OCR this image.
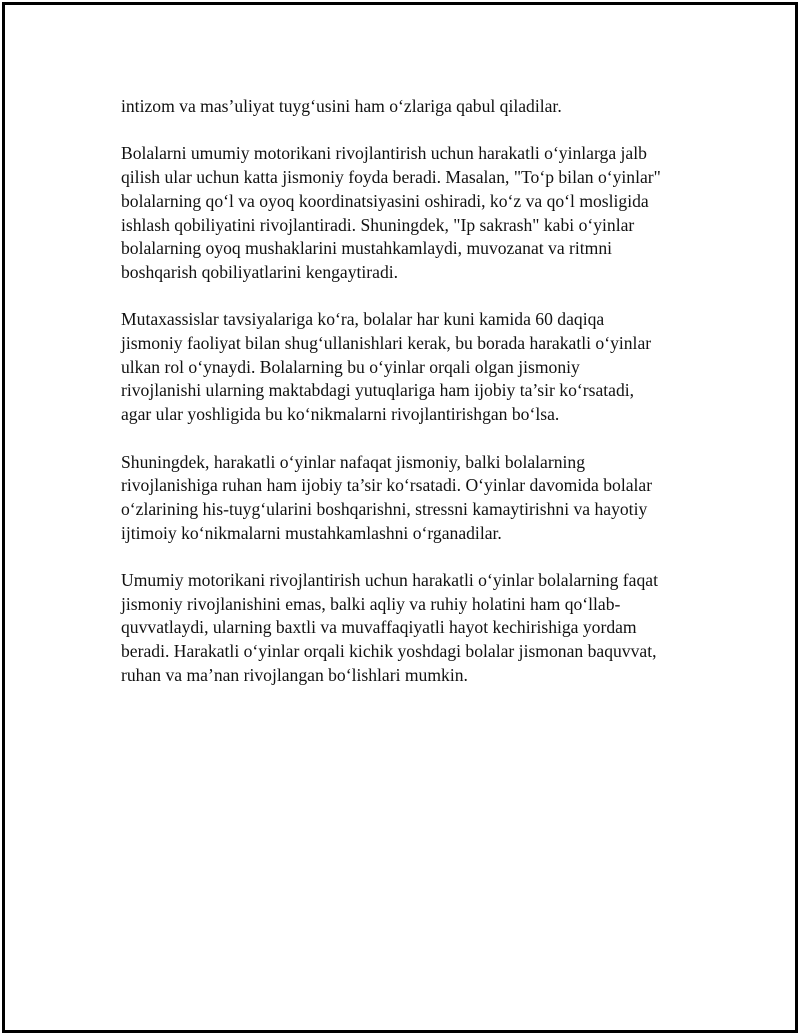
intizom va mas’uliyat tuyg‘usini ham o‘zlariga qabul qiladilar.

Bolalarni umumiy motorikani rivojlantirish uchun harakatli o‘yinlarga jalb
qilish ular uchun katta jismoniy foyda beradi. Masalan, "To‘p bilan o‘yinlar"
bolalarning qo‘l va oyoq koordinatsiyasini oshiradi, ko‘z va qo‘l mosligida
ishlash qobiliyatini rivojlantiradi. Shuningdek, "Ip sakrash" kabi o‘yinlar
bolalarning oyoq mushaklarini mustahkamlaydi, muvozanat va ritmni
boshqarish qobiliyatlarini kengaytiradi.

Mutaxassislar tavsiyalariga ko‘ra, bolalar har kuni kamida 60 daqiqa
jismoniy faoliyat bilan shug‘ullanishlari kerak, bu borada harakatli o‘yinlar
ulkan rol o‘ynaydi. Bolalarning bu o‘yinlar orqali olgan jismoniy
rivojlanishi ularning maktabdagi yutuqlariga ham ijobiy ta’sir ko‘rsatadi,
agar ular yoshligida bu ko‘nikmalarni rivojlantirishgan bo‘lsa.

Shuningdek, harakatli o‘yinlar nafaqat jismoniy, balki bolalarning
rivojlanishiga ruhan ham ijobiy ta’sir ko‘rsatadi. O‘yinlar davomida bolalar
o‘zlarining his-tuyg‘ularini boshqarishni, stressni kamaytirishni va hayotiy
ijtimoiy ko‘nikmalarni mustahkamlashni o‘rganadilar.

Umumiy motorikani rivojlantirish uchun harakatli o‘yinlar bolalarning faqat
jismoniy rivojlanishini emas, balki aqliy va ruhiy holatini ham qo‘llab-
quvvatlaydi, ularning baxtli va muvaffaqiyatli hayot kechirishiga yordam
beradi. Harakatli o‘yinlar orqali kichik yoshdagi bolalar jismonan baquvvat,
ruhan va ma’nan rivojlangan bo‘lishlari mumkin.
